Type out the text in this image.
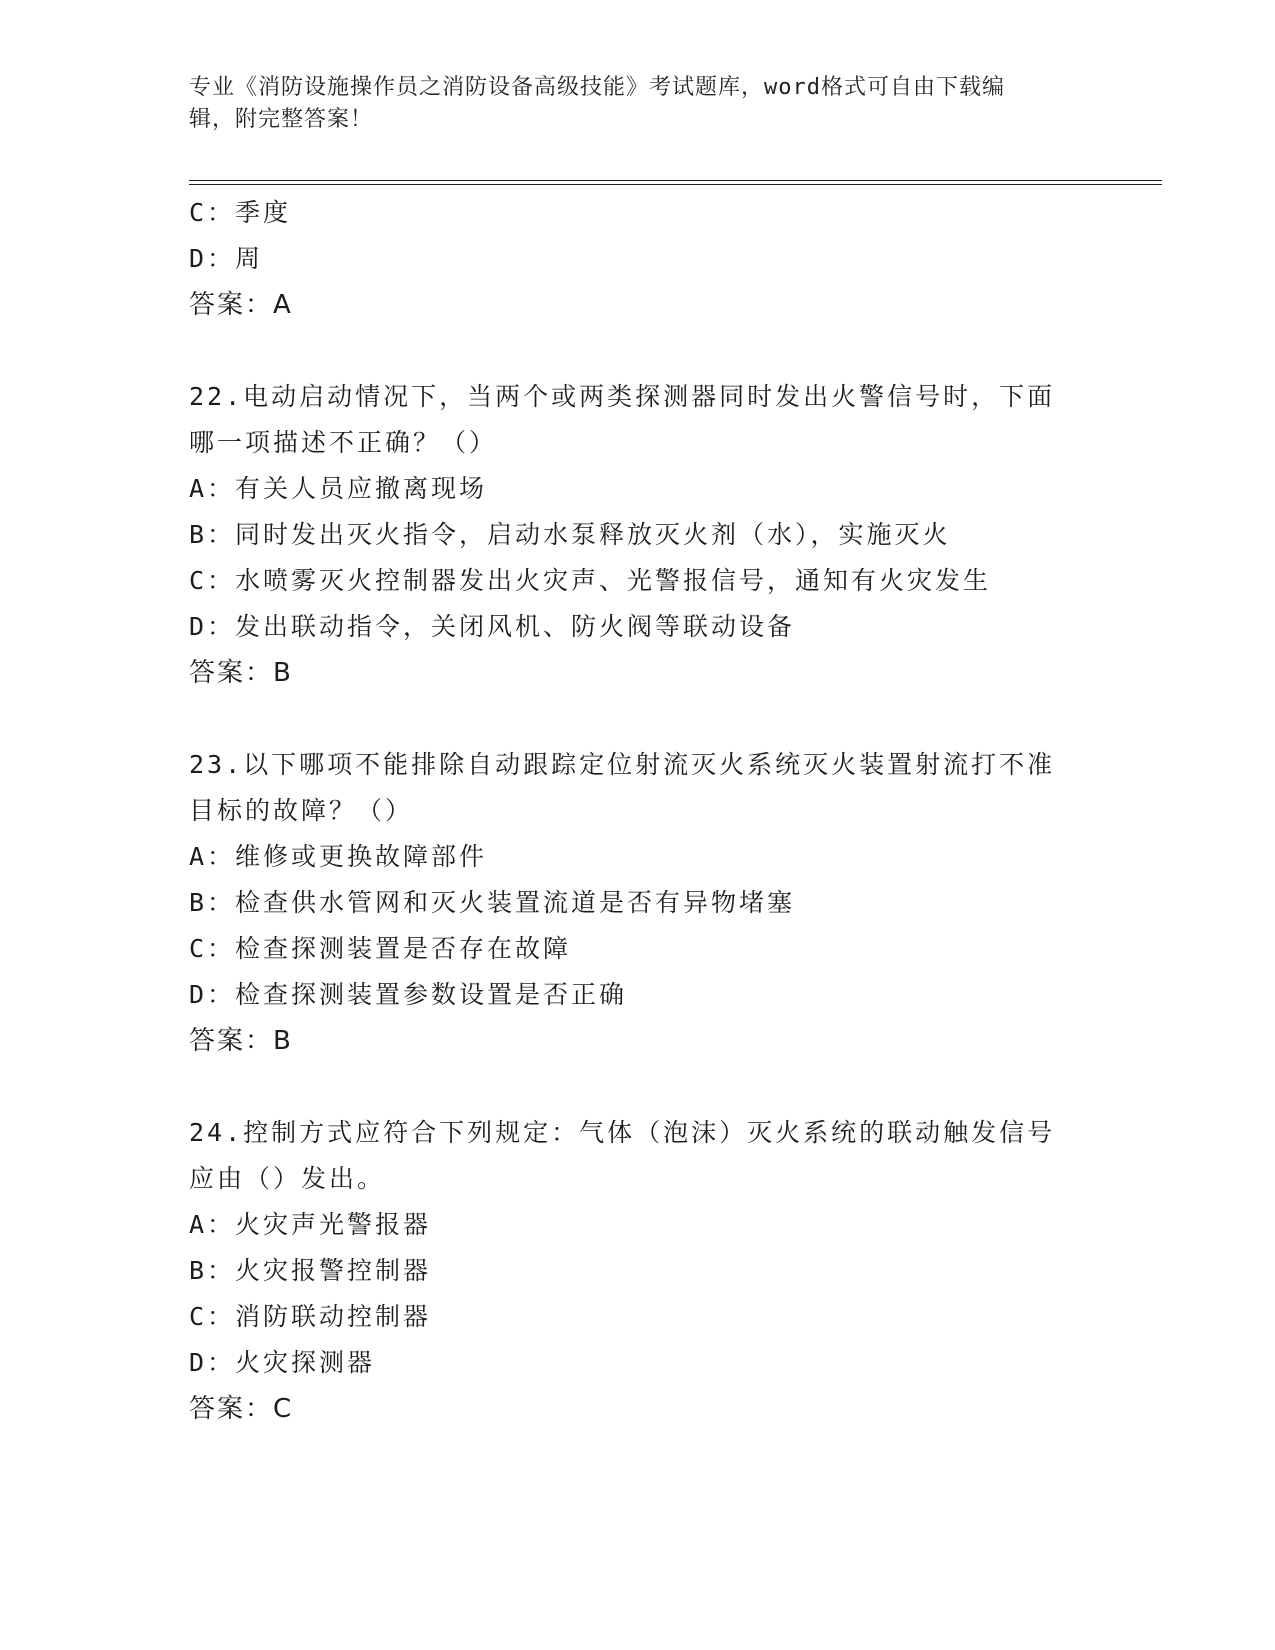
专业《消防设施操作员之消防设备高级技能》考试题库，word格式可自由下载编
辑，附完整答案！
C：季度
D：周
答案：A
22.电动启动情况下，当两个或两类探测器同时发出火警信号时，下面
哪一项描述不正确？（）
A：有关人员应撤离现场
B：同时发出灭火指令，启动水泵释放灭火剂（水），实施灭火
C：水喷雾灭火控制器发出火灾声、光警报信号，通知有火灾发生
D：发出联动指令，关闭风机、防火阀等联动设备
答案：B
23.以下哪项不能排除自动跟踪定位射流灭火系统灭火装置射流打不准
目标的故障？（）
A：维修或更换故障部件
B：检查供水管网和灭火装置流道是否有异物堵塞
C：检查探测装置是否存在故障
D：检查探测装置参数设置是否正确
答案：B
24.控制方式应符合下列规定：气体（泡沫）灭火系统的联动触发信号
应由（）发出。
A：火灾声光警报器
B：火灾报警控制器
C：消防联动控制器
D：火灾探测器
答案：C
